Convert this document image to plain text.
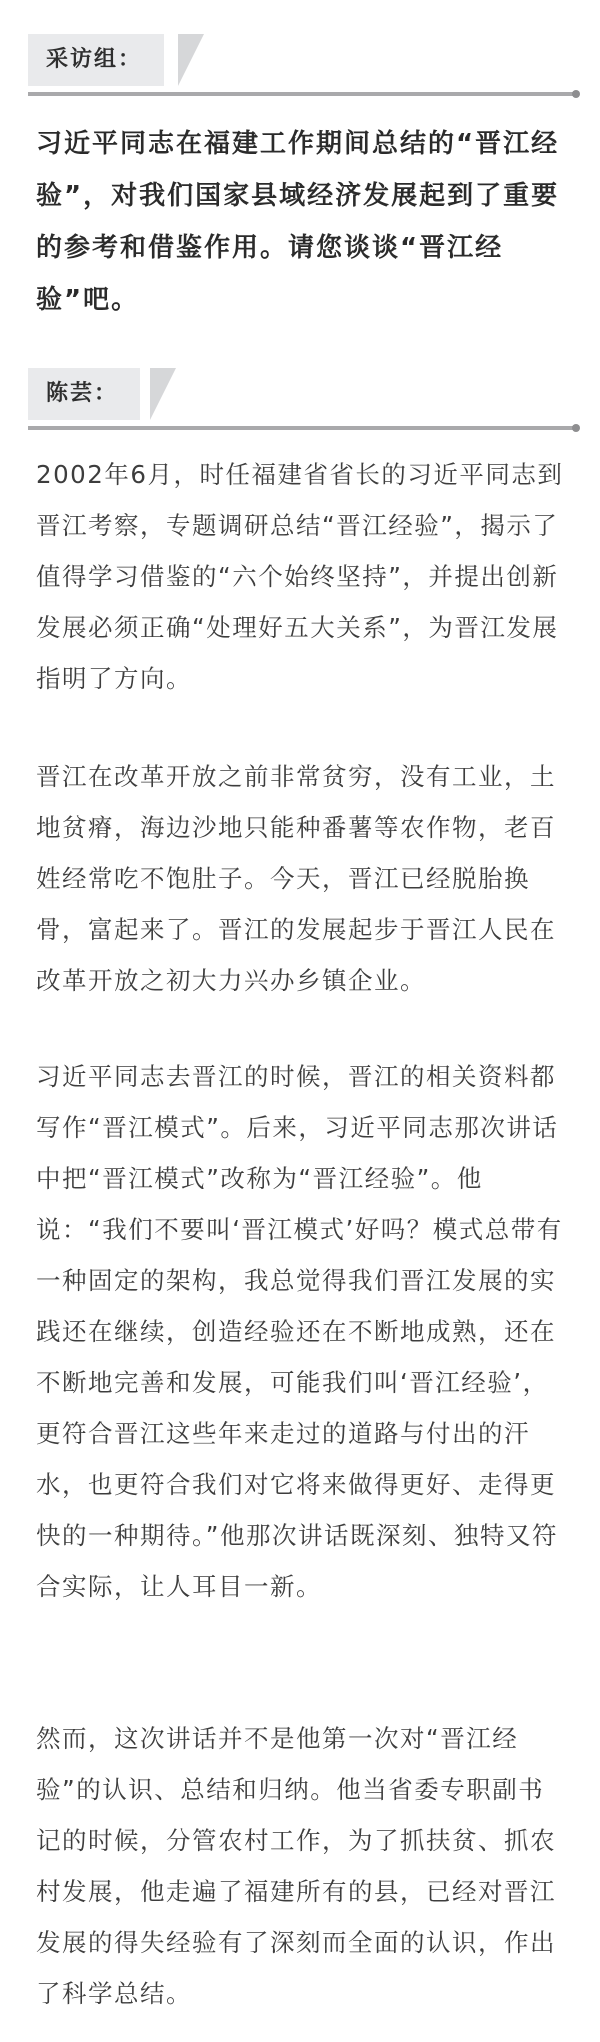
采访组：

习近平同志在福建工作期间总结的“晋江经验”，对我们国家县域经济发展起到了重要的参考和借鉴作用。请您谈谈“晋江经验”吧。

陈芸：

2002年6月，时任福建省省长的习近平同志到晋江考察，专题调研总结“晋江经验”，揭示了值得学习借鉴的“六个始终坚持”，并提出创新发展必须正确“处理好五大关系”，为晋江发展指明了方向。

晋江在改革开放之前非常贫穷，没有工业，土地贫瘠，海边沙地只能种番薯等农作物，老百姓经常吃不饱肚子。今天，晋江已经脱胎换骨，富起来了。晋江的发展起步于晋江人民在改革开放之初大力兴办乡镇企业。

习近平同志去晋江的时候，晋江的相关资料都写作“晋江模式”。后来，习近平同志那次讲话中把“晋江模式”改称为“晋江经验”。他说：“我们不要叫‘晋江模式’好吗？模式总带有一种固定的架构，我总觉得我们晋江发展的实践还在继续，创造经验还在不断地成熟，还在不断地完善和发展，可能我们叫‘晋江经验’，更符合晋江这些年来走过的道路与付出的汗水，也更符合我们对它将来做得更好、走得更快的一种期待。”他那次讲话既深刻、独特又符合实际，让人耳目一新。

然而，这次讲话并不是他第一次对“晋江经验”的认识、总结和归纳。他当省委专职副书记的时候，分管农村工作，为了抓扶贫、抓农村发展，他走遍了福建所有的县，已经对晋江发展的得失经验有了深刻而全面的认识，作出了科学总结。
